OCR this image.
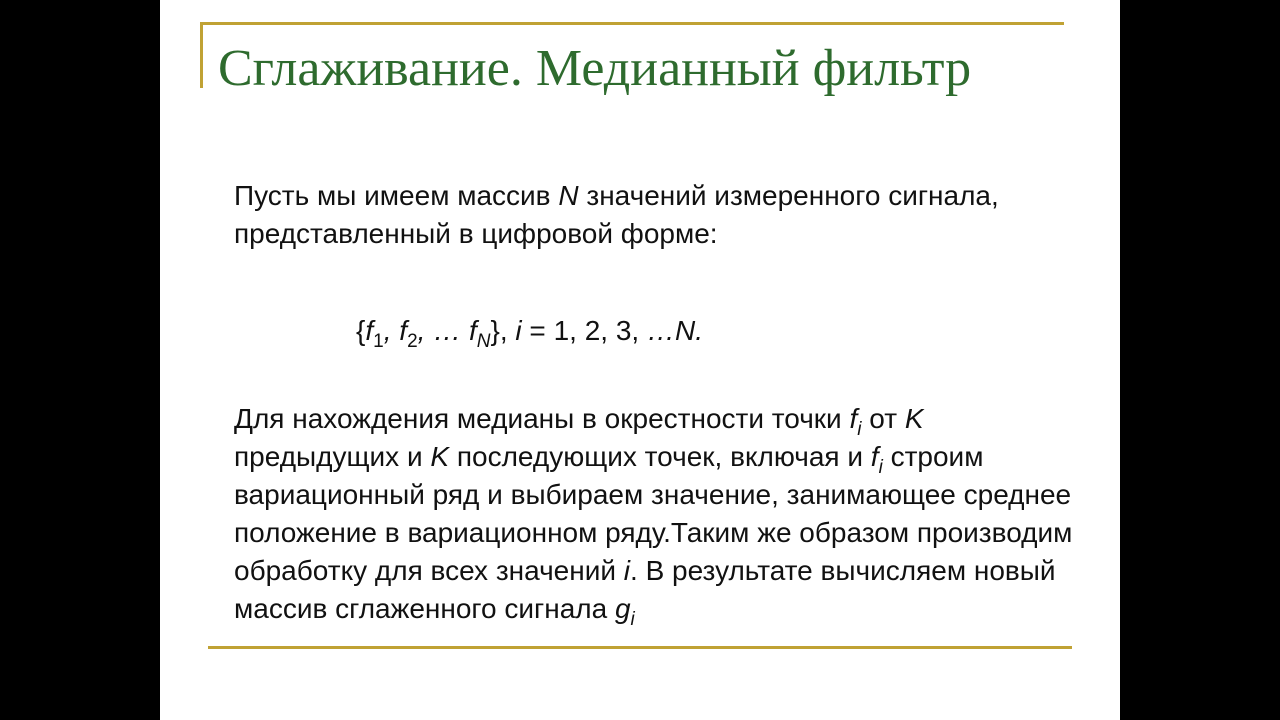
Сглаживание. Медианный фильтр
Пусть мы имеем массив N значений измеренного сигнала, представленный в цифровой форме:
{$f_1$, $f_2$, … $f_N$}, i = 1, 2, 3, …N.
Для нахождения медианы в окрестности точки $f_i$ от K предыдущих и K последующих точек, включая и $f_i$ строим вариационный ряд и выбираем значение, занимающее среднее положение в вариационном ряду.Таким же образом производим обработку для всех значений i. В результате вычисляем новый массив сглаженного сигнала $g_i$
